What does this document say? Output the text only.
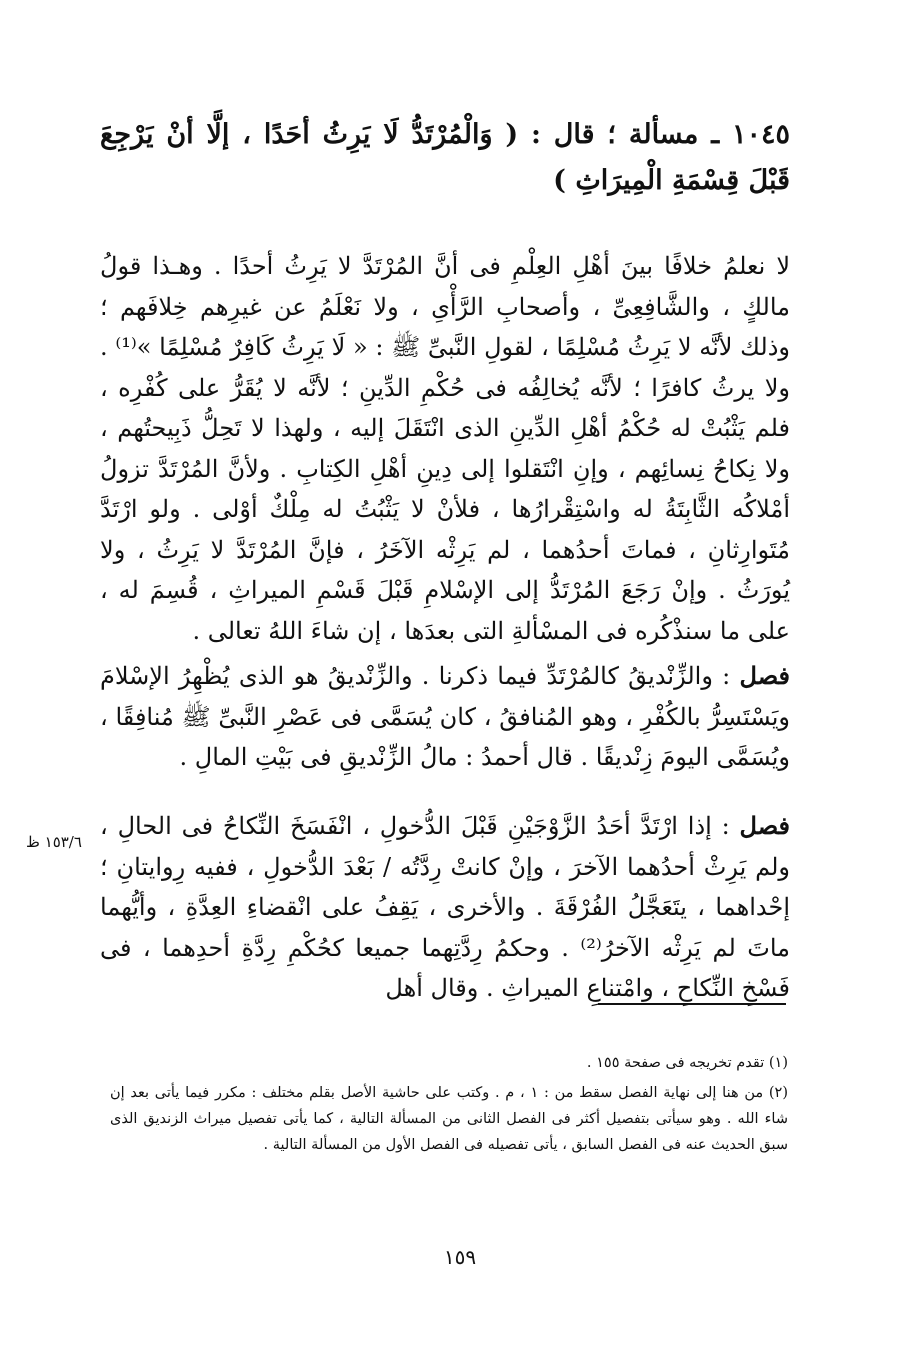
١٠٤٥ ـ مسألة ؛ قال : ( وَالْمُرْتَدُّ لَا يَرِثُ أحَدًا ، إلَّا أنْ يَرْجِعَ قَبْلَ قِسْمَةِ الْمِيرَاثِ )

لا نعلمُ خلافًا بينَ أهْلِ العِلْمِ فى أنَّ المُرْتَدَّ لا يَرِثُ أحدًا . وهـذا قولُ مالكٍ ، والشَّافِعِىِّ ، وأصحابِ الرَّأْىِ ، ولا نَعْلَمُ عن غيرِهم خِلافَهم ؛ وذلك لأنَّه لا يَرِثُ مُسْلِمًا ، لقولِ النَّبىِّ ﷺ : « لَا يَرِثُ كَافِرٌ مُسْلِمًا »⁽¹⁾ . ولا يرثُ كافرًا ؛ لأنَّه يُخالِفُه فى حُكْمِ الدِّينِ ؛ لأنَّه لا يُقَرُّ على كُفْرِه ، فلم يَثْبُتْ له حُكْمُ أهْلِ الدِّينِ الذى انْتَقَلَ إليه ، ولهذا لا تَحِلُّ ذَبِيحتُهم ، ولا نِكاحُ نِسائِهم ، وإنِ انْتَقلوا إلى دِينِ أهْلِ الكِتابِ . ولأنَّ المُرْتَدَّ تزولُ أمْلاكُه الثَّابِتَةُ له واسْتِقْرارُها ، فلأنْ لا يَثْبُتُ له مِلْكٌ أوْلى . ولو ارْتَدَّ مُتَوارِثانِ ، فماتَ أحدُهما ، لم يَرِثْه الآخَرُ ، فإنَّ المُرْتَدَّ لا يَرِثُ ، ولا يُورَثُ . وإنْ رَجَعَ المُرْتَدُّ إلى الإسْلامِ قَبْلَ قَسْمِ الميراثِ ، قُسِمَ له ، على ما سنذْكُره فى المسْألةِ التى بعدَها ، إن شاءَ اللهُ تعالى .

فصل : والزِّنْديقُ كالمُرْتَدِّ فيما ذكرنا . والزِّنْديقُ هو الذى يُظْهِرُ الإسْلامَ ويَسْتَسِرُّ بالكُفْرِ ، وهو المُنافقُ ، كان يُسَمَّى فى عَصْرِ النَّبىِّ ﷺ مُنافِقًا ، ويُسَمَّى اليومَ زِنْديقًا . قال أحمدُ : مالُ الزِّنْديقِ فى بَيْتِ المالِ .

فصل : إذا ارْتَدَّ أحَدُ الزَّوْجَيْنِ قَبْلَ الدُّخولِ ، انْفَسَخَ النِّكاحُ فى الحالِ ، ولم يَرِثْ أحدُهما الآخرَ ، وإنْ كانتْ رِدَّتُه / بَعْدَ الدُّخولِ ، ففيه رِوايتانِ ؛ إحْداهما ، يتَعَجَّلُ الفُرْقَةَ . والأخرى ، يَقِفُ على انْقضاءِ العِدَّةِ ، وأيُّهما ماتَ لم يَرِثْه الآخرُ⁽²⁾ . وحكمُ رِدَّتِهما جميعا كحُكْمِ رِدَّةِ أحدِهما ، فى فَسْخِ النِّكاحِ ، وامْتناعِ الميراثِ . وقال أهل

١٥٣/٦ ظ

(١) تقدم تخريجه فى صفحة ١٥٥ .

(٢) من هنا إلى نهاية الفصل سقط من : ١ ، م . وكتب على حاشية الأصل بقلم مختلف : مكرر فيما يأتى بعد إن شاء الله . وهو سيأتى بتفصيل أكثر فى الفصل الثانى من المسألة التالية ، كما يأتى تفصيل ميراث الزنديق الذى سبق الحديث عنه فى الفصل السابق ، يأتى تفصيله فى الفصل الأول من المسألة التالية .

١٥٩
